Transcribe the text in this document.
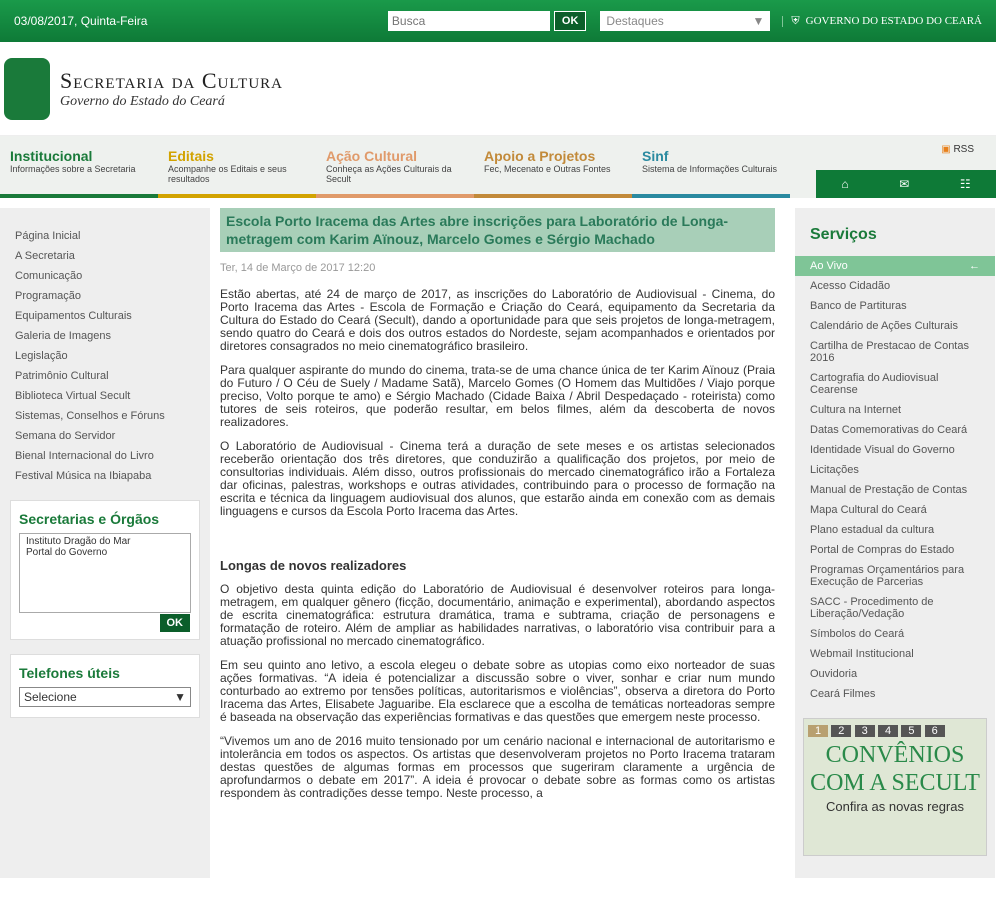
03/08/2017, Quinta-Feira
Busca	OK	Destaques	▼ ⛨ GOVERNO DO ESTADO DO CEARÁ
Secretaria da Cultura
Governo do Estado do Ceará
Institucional
Informações sobre a Secretaria
Editais
Acompanhe os Editais e seus resultados
Ação Cultural
Conheça as Ações Culturais da Secult
Apoio a Projetos
Fec, Mecenato e Outras Fontes
Sinf
Sistema de Informações Culturais
▣ RSS
⌂	✉	☷
Página Inicial
A Secretaria
Comunicação
Programação
Equipamentos Culturais
Galeria de Imagens
Legislação
Patrimônio Cultural
Biblioteca Virtual Secult
Sistemas, Conselhos e Fóruns
Semana do Servidor
Bienal Internacional do Livro
Festival Música na Ibiapaba
Secretarias e Órgãos
Instituto Dragão do Mar
Portal do Governo
OK
Telefones úteis
Selecione	▼
Escola Porto Iracema das Artes abre inscrições para Laboratório de Longa-metragem com Karim Aïnouz, Marcelo Gomes e Sérgio Machado
Ter, 14 de Março de 2017 12:20

Estão abertas, até 24 de março de 2017, as inscrições do Laboratório de Audiovisual - Cinema, do Porto Iracema das Artes - Escola de Formação e Criação do Ceará, equipamento da Secretaria da Cultura do Estado do Ceará (Secult), dando a oportunidade para que seis projetos de longa-metragem, sendo quatro do Ceará e dois dos outros estados do Nordeste, sejam acompanhados e orientados por diretores consagrados no meio cinematográfico brasileiro.

Para qualquer aspirante do mundo do cinema, trata-se de uma chance única de ter Karim Aïnouz (Praia do Futuro / O Céu de Suely / Madame Satã), Marcelo Gomes (O Homem das Multidões / Viajo porque preciso, Volto porque te amo) e Sérgio Machado (Cidade Baixa / Abril Despedaçado - roteirista) como tutores de seis roteiros, que poderão resultar, em belos filmes, além da descoberta de novos realizadores.

O Laboratório de Audiovisual - Cinema terá a duração de sete meses e os artistas selecionados receberão orientação dos três diretores, que conduzirão a qualificação dos projetos, por meio de consultorias individuais. Além disso, outros profissionais do mercado cinematográfico irão a Fortaleza dar oficinas, palestras, workshops e outras atividades, contribuindo para o processo de formação na escrita e técnica da linguagem audiovisual dos alunos, que estarão ainda em conexão com as demais linguagens e cursos da Escola Porto Iracema das Artes.

Longas de novos realizadores

O objetivo desta quinta edição do Laboratório de Audiovisual é desenvolver roteiros para longa-metragem, em qualquer gênero (ficção, documentário, animação e experimental), abordando aspectos de escrita cinematográfica: estrutura dramática, trama e subtrama, criação de personagens e formatação de roteiro. Além de ampliar as habilidades narrativas, o laboratório visa contribuir para a atuação profissional no mercado cinematográfico.

Em seu quinto ano letivo, a escola elegeu o debate sobre as utopias como eixo norteador de suas ações formativas. “A ideia é potencializar a discussão sobre o viver, sonhar e criar num mundo conturbado ao extremo por tensões políticas, autoritarismos e violências”, observa a diretora do Porto Iracema das Artes, Elisabete Jaguaribe. Ela esclarece que a escolha de temáticas norteadoras sempre é baseada na observação das experiências formativas e das questões que emergem neste processo.

“Vivemos um ano de 2016 muito tensionado por um cenário nacional e internacional de autoritarismo e intolerância em todos os aspectos. Os artistas que desenvolveram projetos no Porto Iracema trataram destas questões de algumas formas em processos que sugeriram claramente a urgência de aprofundarmos o debate em 2017”. A ideia é provocar o debate sobre as formas como os artistas respondem às contradições desse tempo. Neste processo, a

Serviços
Ao Vivo	←
Acesso Cidadão
Banco de Partituras
Calendário de Ações Culturais
Cartilha de Prestacao de Contas 2016
Cartografia do Audiovisual Cearense
Cultura na Internet
Datas Comemorativas do Ceará
Identidade Visual do Governo
Licitações
Manual de Prestação de Contas
Mapa Cultural do Ceará
Plano estadual da cultura
Portal de Compras do Estado
Programas Orçamentários para Execução de Parcerias
SACC - Procedimento de Liberação/Vedação
Símbolos do Ceará
Webmail Institucional
Ouvidoria
Ceará Filmes
1 2 3 4 5 6
CONVÊNIOS
COM A SECULT
Confira as novas regras
